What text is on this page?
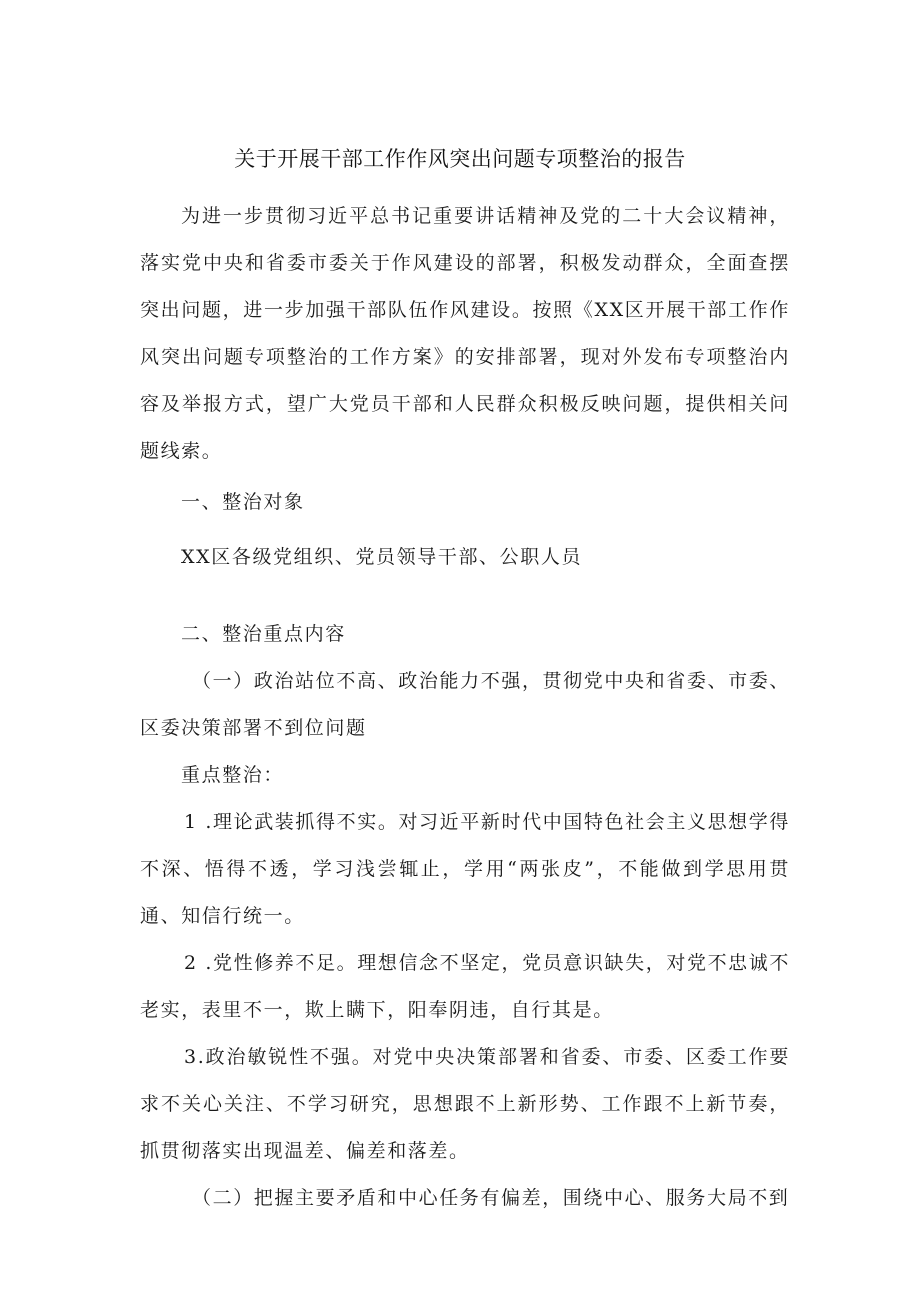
关于开展干部工作作风突出问题专项整治的报告

为进一步贯彻习近平总书记重要讲话精神及党的二十大会议精神，落实党中央和省委市委关于作风建设的部署，积极发动群众，全面查摆突出问题，进一步加强干部队伍作风建设。按照《XX区开展干部工作作风突出问题专项整治的工作方案》的安排部署，现对外发布专项整治内容及举报方式，望广大党员干部和人民群众积极反映问题，提供相关问题线索。

一、整治对象

XX区各级党组织、党员领导干部、公职人员

二、整治重点内容

（一）政治站位不高、政治能力不强，贯彻党中央和省委、市委、区委决策部署不到位问题

重点整治：

1 .理论武装抓得不实。对习近平新时代中国特色社会主义思想学得不深、悟得不透，学习浅尝辄止，学用“两张皮”，不能做到学思用贯通、知信行统一。

2 .党性修养不足。理想信念不坚定，党员意识缺失，对党不忠诚不老实，表里不一，欺上瞒下，阳奉阴违，自行其是。

3.政治敏锐性不强。对党中央决策部署和省委、市委、区委工作要求不关心关注、不学习研究，思想跟不上新形势、工作跟不上新节奏，抓贯彻落实出现温差、偏差和落差。

（二）把握主要矛盾和中心任务有偏差，围绕中心、服务大局不到
